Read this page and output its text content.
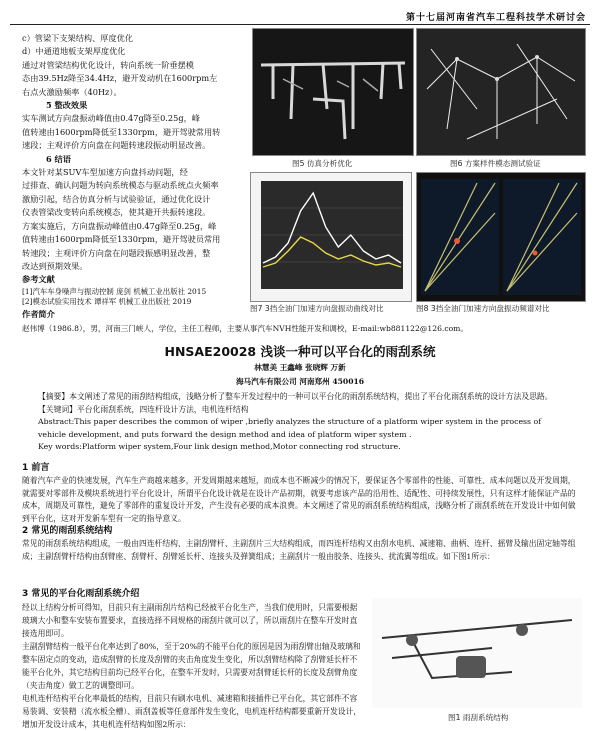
第十七届河南省汽车工程科技学术研讨会

c）管梁下支架结构、厚度优化

d）中通道地板支架厚度优化

通过对管梁结构优化设计，转向系统一阶垂摆模

态由39.5Hz降至34.4Hz，避开发动机在1600rpm左

右点火激励频率（40Hz）。

5 整改效果

实车测试方向盘振动峰值由0.47g降至0.25g，峰

值转速由1600rpm降低至1330rpm，避开驾驶常用转

速段；主观评价方向盘在问题转速段振动明显改善。

6 结语

本文针对某SUV车型加速方向盘抖动问题，经

过排查、确认问题为转向系统模态与驱动系统点火频率

激励引起，结合仿真分析与试验验证，通过优化设计

仪表管梁改变转向系统模态，使其避开共振转速段。

方案实施后，方向盘振动峰值由0.47g降至0.25g，峰

值转速由1600rpm降低至1330rpm，避开驾驶员常用

转速段；主观评价方向盘在问题段振感明显改善，整

改达到预期效果。

参考文献

[1]汽车车身噪声与振动控制 庞剑 机械工业出版社 2015

[2]模态试验实用技术 谭祥军 机械工业出版社 2019

作者简介

图5 仿真分析优化	图6 方案样件模态测试验证
图7 3挡全油门加速方向盘振动曲线对比	图8 3挡全油门加速方向盘振动频谱对比
赵伟博（1986.8），男，河南三门峡人，学位，主任工程师，主要从事汽车NVH性能开发和调校，E-mail:wb881122@126.com。
HNSAE20028 浅谈一种可以平台化的雨刮系统
林慧美 王鑫峰 张晓辉 万新
海马汽车有限公司 河南郑州 450016

【摘要】本文阐述了常见的雨刮结构组成，浅略分析了整车开发过程中的一种可以平台化的雨刮系统结构，提出了平台化雨刮系统的设计方法及思路。

【关键词】平台化雨刮系统，四连杆设计方法，电机连杆结构

Abstract:This paper describes the common of wiper ,briefly analyzes the structure of a platform wiper system in the process of vehicle development, and puts forward the design method and idea of platform wiper system .

Key words:Platform wiper system,Four link design method,Motor connecting rod structure.

1 前言

随着汽车产业的快速发展，汽车生产商越来越多，开发周期越来越短，而成本也不断减少的情况下，要保证各个零部件的性能、可靠性、成本问题以及开发周期，就需要对零部件及模块系统进行平台化设计，所谓平台化设计就是在设计产品初期，就要考虑该产品的沿用性、适配性、可持续发展性，只有这样才能保证产品的成本，周期及可靠性，避免了零部件的重复设计开发，产生没有必要的成本浪费。本文阐述了常见的雨刮系统结构组成，浅略分析了雨刮系统在开发设计中如何做到平台化，这对开发新车型有一定的指导意义。

2 常见的雨刮系统结构

常见的雨刮系统结构组成，一般由四连杆结构、主副刮臂杆、主副刮片三大结构组成，而四连杆结构又由刮水电机、减速箱、曲柄、连杆、摇臂及输出固定轴等组成；主副刮臂杆结构由刮臂座、刮臂杆、刮臂延长杆、连接头及弹簧组成；主副刮片一般由胶条、连接头、扰流翼等组成。如下图1所示：

3 常见的平台化雨刮系统介绍

经以上结构分析可得知，目前只有主副雨刮片结构已经被平台化生产，当我们使用时，只需要根据玻璃大小和整车安装布置要求，直接选择不同规格的雨刮片就可以了，所以雨刮片在整车开发时直接选用即可。

主副刮臂结构一般平台化率达到了80%，至于20%的不能平台化的原因是因为雨刮臂出轴及玻璃和整车固定点的变动，造成刮臂的长度及刮臂的夹击角度发生变化，所以刮臂结构除了刮臂延长杆不能平台化外，其它结构目前均已经平台化，在整车开发时，只需要对刮臂延长杆的长度及刮臂角度（夹击角度）做工艺的调整即可。

电机连杆结构平台化率最低的结构，目前只有刷水电机、减速箱和接插件已平台化，其它部件不容易装调、安装精（流水板全槽）、雨刮盖板等任意部件发生变化，电机连杆结构都要重新开发设计，增加开发设计成本，其电机连杆结构如图2所示：

图1 雨刮系统结构
